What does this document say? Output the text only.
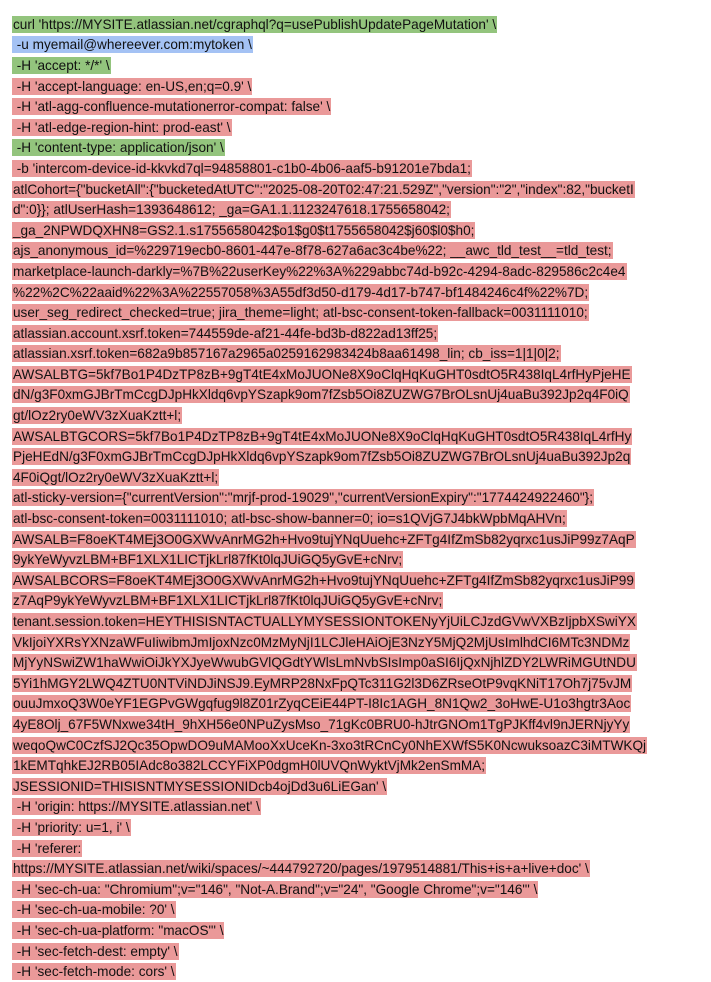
curl 'https://MYSITE.atlassian.net/cgraphql?q=usePublishUpdatePageMutation' \
-u myemail@whereever.com:mytoken \
-H 'accept: */*' \
-H 'accept-language: en-US,en;q=0.9' \
-H 'atl-agg-confluence-mutationerror-compat: false' \
-H 'atl-edge-region-hint: prod-east' \
-H 'content-type: application/json' \
-b 'intercom-device-id-kkvkd7ql=94858801-c1b0-4b06-aaf5-b91201e7bda1;
atlCohort={"bucketAll":{"bucketedAtUTC":"2025-08-20T02:47:21.529Z","version":"2","index":82,"bucketI
d":0}}; atlUserHash=1393648612; _ga=GA1.1.1123247618.1755658042;
_ga_2NPWDQXHN8=GS2.1.s1755658042$o1$g0$t1755658042$j60$l0$h0;
ajs_anonymous_id=%229719ecb0-8601-447e-8f78-627a6ac3c4be%22; __awc_tld_test__=tld_test;
marketplace-launch-darkly=%7B%22userKey%22%3A%229abbc74d-b92c-4294-8adc-829586c2c4e4
%22%2C%22aaid%22%3A%22557058%3A55df3d50-d179-4d17-b747-bf1484246c4f%22%7D;
user_seg_redirect_checked=true; jira_theme=light; atl-bsc-consent-token-fallback=0031111010;
atlassian.account.xsrf.token=744559de-af21-44fe-bd3b-d822ad13ff25;
atlassian.xsrf.token=682a9b857167a2965a0259162983424b8aa61498_lin; cb_iss=1|1|0|2;
AWSALBTG=5kf7Bo1P4DzTP8zB+9gT4tE4xMoJUONe8X9oClqHqKuGHT0sdtO5R438IqL4rfHyPjeHE
dN/g3F0xmGJBrTmCcgDJpHkXldq6vpYSzapk9om7fZsb5Oi8ZUZWG7BrOLsnUj4uaBu392Jp2q4F0iQ
gt/lOz2ry0eWV3zXuaKztt+l;
AWSALBTGCORS=5kf7Bo1P4DzTP8zB+9gT4tE4xMoJUONe8X9oClqHqKuGHT0sdtO5R438IqL4rfHy
PjeHEdN/g3F0xmGJBrTmCcgDJpHkXldq6vpYSzapk9om7fZsb5Oi8ZUZWG7BrOLsnUj4uaBu392Jp2q
4F0iQgt/lOz2ry0eWV3zXuaKztt+l;
atl-sticky-version={"currentVersion":"mrjf-prod-19029","currentVersionExpiry":"1774424922460"};
atl-bsc-consent-token=0031111010; atl-bsc-show-banner=0; io=s1QVjG7J4bkWpbMqAHVn;
AWSALB=F8oeKT4MEj3O0GXWvAnrMG2h+Hvo9tujYNqUuehc+ZFTg4IfZmSb82yqrxc1usJiP99z7AqP
9ykYeWyvzLBM+BF1XLX1LICTjkLrl87fKt0lqJUiGQ5yGvE+cNrv;
AWSALBCORS=F8oeKT4MEj3O0GXWvAnrMG2h+Hvo9tujYNqUuehc+ZFTg4IfZmSb82yqrxc1usJiP99
z7AqP9ykYeWyvzLBM+BF1XLX1LICTjkLrl87fKt0lqJUiGQ5yGvE+cNrv;
tenant.session.token=HEYTHISISNTACTUALLYMYSESSIONTOKENyYjUiLCJzdGVwVXBzIjpbXSwiYX
VkIjoiYXRsYXNzaWFuIiwibmJmIjoxNzc0MzMyNjI1LCJleHAiOjE3NzY5MjQ2MjUsImlhdCI6MTc3NDMz
MjYyNSwiZW1haWwiOiJkYXJyeWwubGVlQGdtYWlsLmNvbSIsImp0aSI6IjQxNjhlZDY2LWRiMGUtNDU
5Yi1hMGY2LWQ4ZTU0NTViNDJiNSJ9.EyMRP28NxFpQTc311G2l3D6ZRseOtP9vqKNiT17Oh7j75vJM
ouuJmxoQ3W0eYF1EGPvGWgqfug9l8Z01rZyqCEiE44PT-I8Ic1AGH_8N1Qw2_3oHwE-U1o3hgtr3Aoc
4yE8Olj_67F5WNxwe34tH_9hXH56e0NPuZysMso_71gKc0BRU0-hJtrGNOm1TgPJKff4vl9nJERNjyYy
weqoQwC0CzfSJ2Qc35OpwDO9uMAMooXxUceKn-3xo3tRCnCy0NhEXWfS5K0NcwuksoazC3iMTWKQj
1kEMTqhkEJ2RB05IAdc8o382LCCYFiXP0dgmH0lUVQnWyktVjMk2enSmMA;
JSESSIONID=THISISNTMYSESSIONIDcb4ojDd3u6LiEGan' \
-H 'origin: https://MYSITE.atlassian.net' \
-H 'priority: u=1, i' \
-H 'referer:
https://MYSITE.atlassian.net/wiki/spaces/~444792720/pages/1979514881/This+is+a+live+doc' \
-H 'sec-ch-ua: "Chromium";v="146", "Not-A.Brand";v="24", "Google Chrome";v="146"' \
-H 'sec-ch-ua-mobile: ?0' \
-H 'sec-ch-ua-platform: "macOS"' \
-H 'sec-fetch-dest: empty' \
-H 'sec-fetch-mode: cors' \
